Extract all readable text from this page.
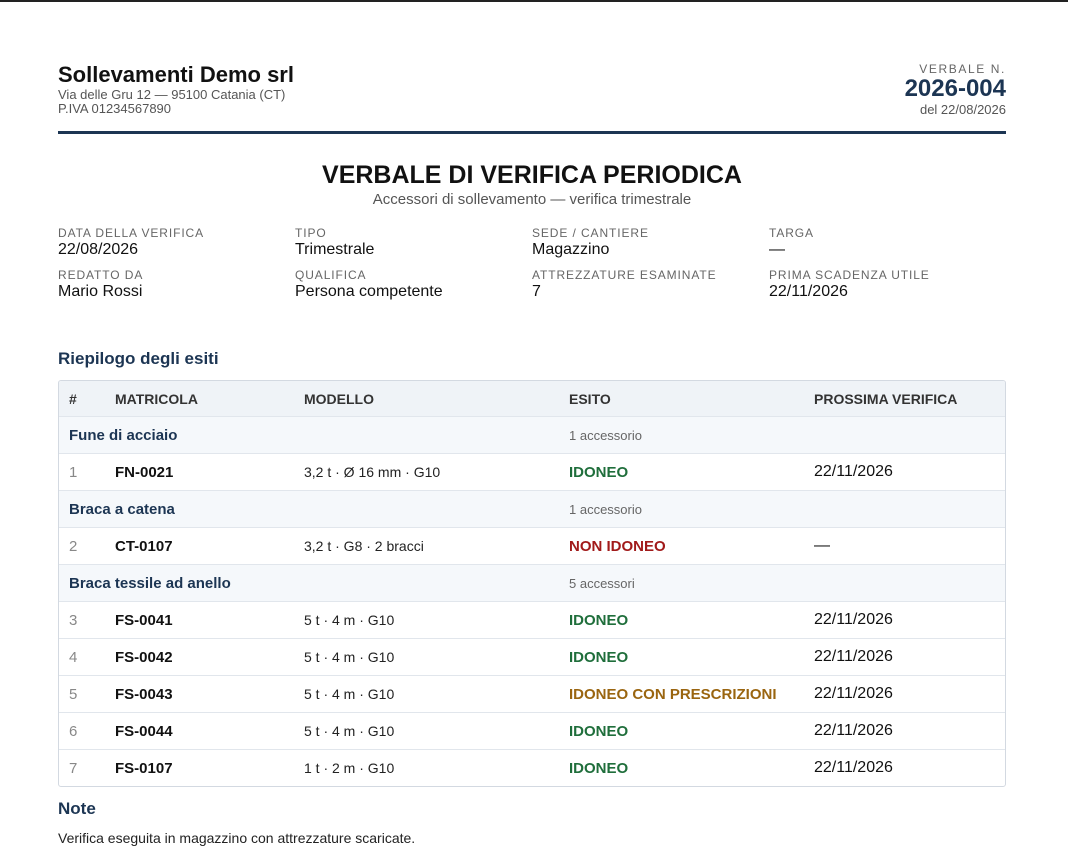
Sollevamenti Demo srl
Via delle Gru 12 — 95100 Catania (CT)
P.IVA 01234567890
VERBALE N.
2026-004
del 22/08/2026
VERBALE DI VERIFICA PERIODICA
Accessori di sollevamento — verifica trimestrale
DATA DELLA VERIFICA
22/08/2026
TIPO
Trimestrale
SEDE / CANTIERE
Magazzino
TARGA
—
REDATTO DA
Mario Rossi
QUALIFICA
Persona competente
ATTREZZATURE ESAMINATE
7
PRIMA SCADENZA UTILE
22/11/2026
Riepilogo degli esiti
#	MATRICOLA	MODELLO	ESITO	PROSSIMA VERIFICA
Fune di acciaio	1 accessorio
1	FN-0021	3,2 t · Ø 16 mm · G10	IDONEO	22/11/2026
Braca a catena	1 accessorio
2	CT-0107	3,2 t · G8 · 2 bracci	NON IDONEO	—
Braca tessile ad anello	5 accessori
3	FS-0041	5 t · 4 m · G10	IDONEO	22/11/2026
4	FS-0042	5 t · 4 m · G10	IDONEO	22/11/2026
5	FS-0043	5 t · 4 m · G10	IDONEO CON PRESCRIZIONI	22/11/2026
6	FS-0044	5 t · 4 m · G10	IDONEO	22/11/2026
7	FS-0107	1 t · 2 m · G10	IDONEO	22/11/2026
Note
Verifica eseguita in magazzino con attrezzature scaricate.
